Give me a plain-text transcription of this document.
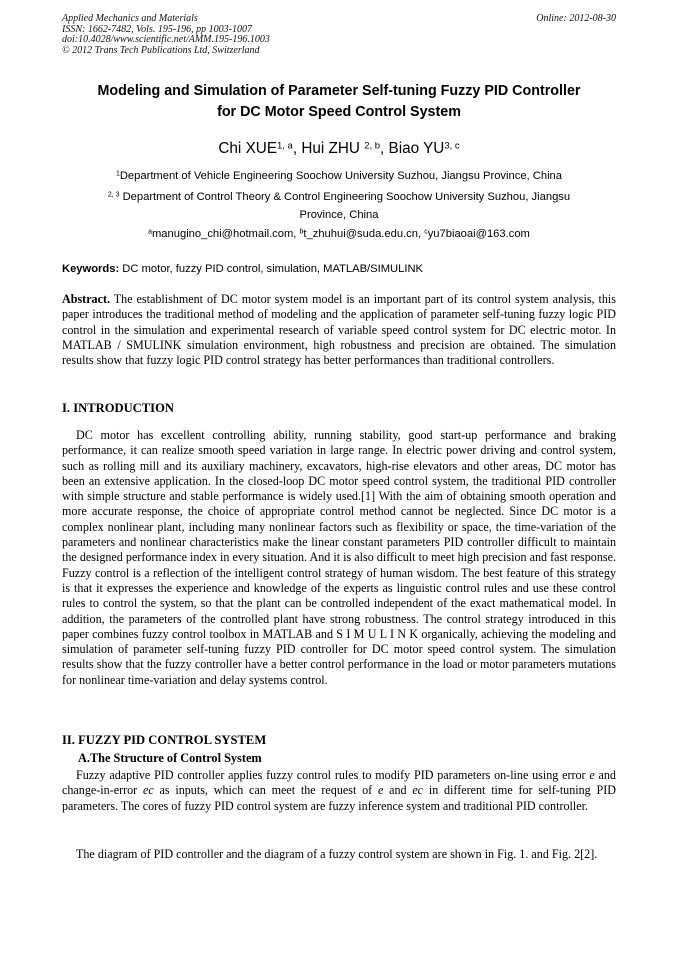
Applied Mechanics and Materials
ISSN: 1662-7482, Vols. 195-196, pp 1003-1007
doi:10.4028/www.scientific.net/AMM.195-196.1003
© 2012 Trans Tech Publications Ltd, Switzerland
Online: 2012-08-30
Modeling and Simulation of Parameter Self-tuning Fuzzy PID Controller
for DC Motor Speed Control System
Chi XUE$^{1, a}$, Hui ZHU $^{2, b}$, Biao YU$^{3, c}$
$^1$Department of Vehicle Engineering Soochow University Suzhou, Jiangsu Province, China
$^{2, 3}$ Department of Control Theory & Control Engineering Soochow University Suzhou, Jiangsu
Province, China
$^a$manugino_chi@hotmail.com, $^b$t_zhuhui@suda.edu.cn, $^c$yu7biaoai@163.com
Keywords: DC motor, fuzzy PID control, simulation, MATLAB/SIMULINK
Abstract. The establishment of DC motor system model is an important part of its control system analysis, this paper introduces the traditional method of modeling and the application of parameter self-tuning fuzzy logic PID control in the simulation and experimental research of variable speed control system for DC electric motor. In MATLAB / SMULINK simulation environment, high robustness and precision are obtained. The simulation results show that fuzzy logic PID control strategy has better performances than traditional controllers.
I. INTRODUCTION
DC motor has excellent controlling ability, running stability, good start-up performance and braking performance, it can realize smooth speed variation in large range. In electric power driving and control system, such as rolling mill and its auxiliary machinery, excavators, high-rise elevators and other areas, DC motor has been an extensive application. In the closed-loop DC motor speed control system, the traditional PID controller with simple structure and stable performance is widely used.[1] With the aim of obtaining smooth operation and more accurate response, the choice of appropriate control method cannot be neglected. Since DC motor is a complex nonlinear plant, including many nonlinear factors such as flexibility or space, the time-variation of the parameters and nonlinear characteristics make the linear constant parameters PID controller difficult to maintain the designed performance index in every situation. And it is also difficult to meet high precision and fast response. Fuzzy control is a reflection of the intelligent control strategy of human wisdom. The best feature of this strategy is that it expresses the experience and knowledge of the experts as linguistic control rules and use these control rules to control the system, so that the plant can be controlled independent of the exact mathematical model. In addition, the parameters of the controlled plant have strong robustness. The control strategy introduced in this paper combines fuzzy control toolbox in MATLAB and S I M U L I N K organically, achieving the modeling and simulation of parameter self-tuning fuzzy PID controller for DC motor speed control system. The simulation results show that the fuzzy controller have a better control performance in the load or motor parameters mutations for nonlinear time-variation and delay systems control.
II. FUZZY PID CONTROL SYSTEM
A.The Structure of Control System
Fuzzy adaptive PID controller applies fuzzy control rules to modify PID parameters on-line using error e and change-in-error ec as inputs, which can meet the request of e and ec in different time for self-tuning PID parameters. The cores of fuzzy PID control system are fuzzy inference system and traditional PID controller.
The diagram of PID controller and the diagram of a fuzzy control system are shown in Fig. 1. and Fig. 2[2].
